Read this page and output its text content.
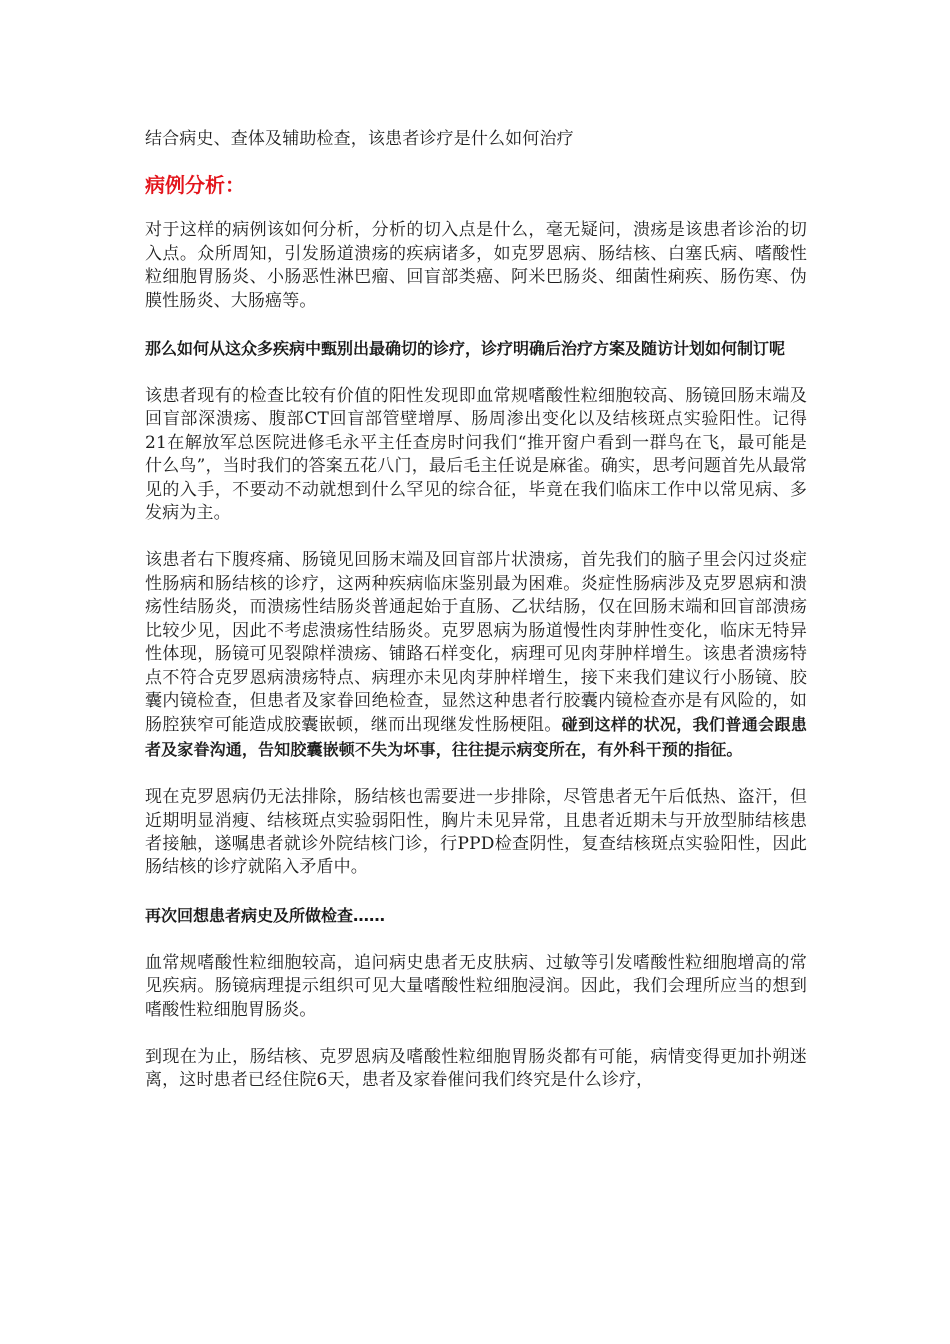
结合病史、查体及辅助检查，该患者诊疗是什么如何治疗

病例分析：

对于这样的病例该如何分析，分析的切入点是什么，毫无疑问，溃疡是该患者诊治的切入点。众所周知，引发肠道溃疡的疾病诸多，如克罗恩病、肠结核、白塞氏病、嗜酸性粒细胞胃肠炎、小肠恶性淋巴瘤、回盲部类癌、阿米巴肠炎、细菌性痢疾、肠伤寒、伪膜性肠炎、大肠癌等。

那么如何从这众多疾病中甄别出最确切的诊疗，诊疗明确后治疗方案及随访计划如何制订呢

该患者现有的检查比较有价值的阳性发现即血常规嗜酸性粒细胞较高、肠镜回肠末端及回盲部深溃疡、腹部CT回盲部管壁增厚、肠周渗出变化以及结核斑点实验阳性。记得21在解放军总医院进修毛永平主任查房时问我们“推开窗户看到一群鸟在飞，最可能是什么鸟”，当时我们的答案五花八门，最后毛主任说是麻雀。确实，思考问题首先从最常见的入手，不要动不动就想到什么罕见的综合征，毕竟在我们临床工作中以常见病、多发病为主。

该患者右下腹疼痛、肠镜见回肠末端及回盲部片状溃疡，首先我们的脑子里会闪过炎症性肠病和肠结核的诊疗，这两种疾病临床鉴别最为困难。炎症性肠病涉及克罗恩病和溃疡性结肠炎，而溃疡性结肠炎普通起始于直肠、乙状结肠，仅在回肠末端和回盲部溃疡比较少见，因此不考虑溃疡性结肠炎。克罗恩病为肠道慢性肉芽肿性变化，临床无特异性体现，肠镜可见裂隙样溃疡、铺路石样变化，病理可见肉芽肿样增生。该患者溃疡特点不符合克罗恩病溃疡特点、病理亦未见肉芽肿样增生，接下来我们建议行小肠镜、胶囊内镜检查，但患者及家眷回绝检查，显然这种患者行胶囊内镜检查亦是有风险的，如肠腔狭窄可能造成胶囊嵌顿，继而出现继发性肠梗阻。碰到这样的状况，我们普通会跟患者及家眷沟通，告知胶囊嵌顿不失为坏事，往往提示病变所在，有外科干预的指征。

现在克罗恩病仍无法排除，肠结核也需要进一步排除，尽管患者无午后低热、盗汗，但近期明显消瘦、结核斑点实验弱阳性，胸片未见异常，且患者近期未与开放型肺结核患者接触，遂嘱患者就诊外院结核门诊，行PPD检查阴性，复查结核斑点实验阳性，因此肠结核的诊疗就陷入矛盾中。

再次回想患者病史及所做检查……

血常规嗜酸性粒细胞较高，追问病史患者无皮肤病、过敏等引发嗜酸性粒细胞增高的常见疾病。肠镜病理提示组织可见大量嗜酸性粒细胞浸润。因此，我们会理所应当的想到嗜酸性粒细胞胃肠炎。

到现在为止，肠结核、克罗恩病及嗜酸性粒细胞胃肠炎都有可能，病情变得更加扑朔迷离，这时患者已经住院6天，患者及家眷催问我们终究是什么诊疗，
